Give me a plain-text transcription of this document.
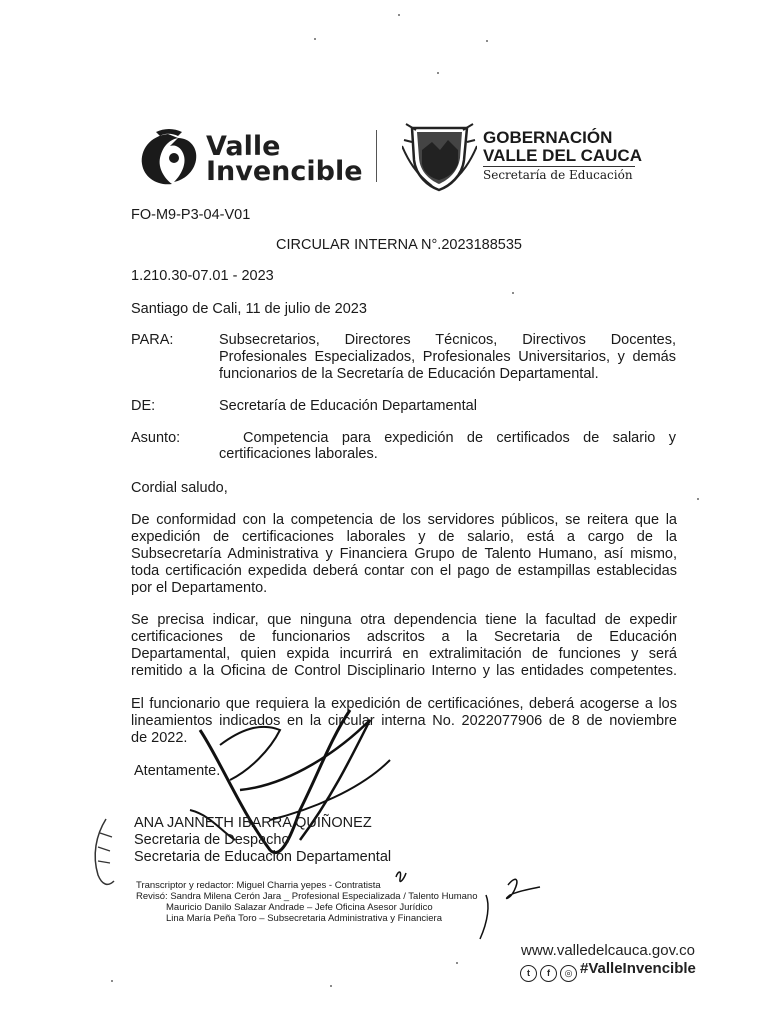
Valle
Invencible
GOBERNACIÓN
VALLE DEL CAUCA
Secretaría de Educación
FO-M9-P3-04-V01
CIRCULAR INTERNA N°.2023188535
1.210.30-07.01 - 2023
Santiago de Cali, 11 de julio de 2023
PARA:	Subsecretarios, Directores Técnicos, Directivos Docentes,
Profesionales Especializados, Profesionales Universitarios, y demás
funcionarios de la Secretaría de Educación Departamental.
DE:	Secretaría de Educación Departamental
Asunto:	Competencia para expedición de certificados de salario y
certificaciones laborales.
Cordial saludo,
De conformidad con la competencia de los servidores públicos, se reitera que la
expedición de certificaciones laborales y de salario, está a cargo de la
Subsecretaría Administrativa y Financiera Grupo de Talento Humano, así mismo,
toda certificación expedida deberá contar con el pago de estampillas establecidas
por el Departamento.
Se precisa indicar, que ninguna otra dependencia tiene la facultad de expedir
certificaciones de funcionarios adscritos a la Secretaria de Educación
Departamental, quien expida incurrirá en extralimitación de funciones y será
remitido a la Oficina de Control Disciplinario Interno y las entidades competentes.
El funcionario que requiera la expedición de certificaciónes, deberá acogerse a los
lineamientos indicados en la circular interna No. 2022077906 de 8 de noviembre
de 2022.
Atentamente.
ANA JANNETH IBARRA QUIÑONEZ
Secretaria de Despacho
Secretaria de Educación Departamental
Transcriptor y redactor: Miguel Charria yepes - Contratista
Revisó: Sandra Milena Cerón Jara _ Profesional Especializada / Talento Humano
Mauricio Danilo Salazar Andrade – Jefe Oficina Asesor Jurídico
Lina María Peña Toro – Subsecretaria Administrativa y Financiera
www.valledelcauca.gov.co
t f ◎ #ValleInvencible
